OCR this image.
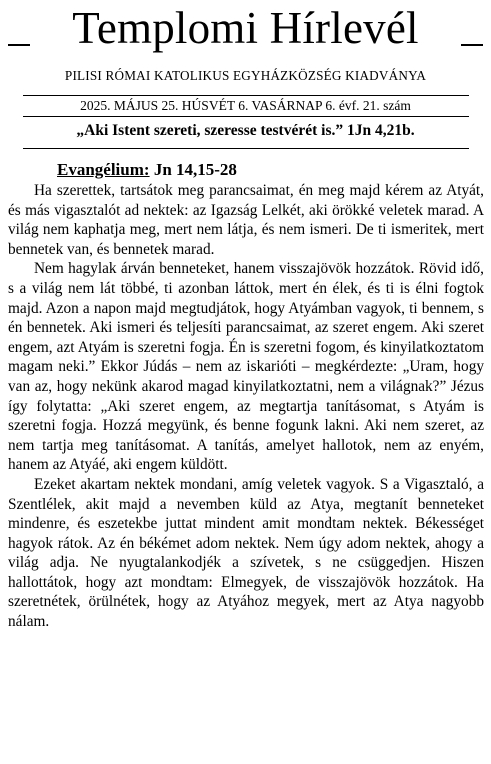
Templomi Hírlevél
PILISI RÓMAI KATOLIKUS EGYHÁZKÖZSÉG KIADVÁNYA

2025. MÁJUS 25. HÚSVÉT 6. VASÁRNAP 6. évf. 21. szám
„Aki Istent szereti, szeresse testvérét is.” 1Jn 4,21b.
Evangélium: Jn 14,15-28

Ha szerettek, tartsátok meg parancsaimat, én meg majd kérem az Atyát, és más vigasztalót ad nektek: az Igazság Lelkét, aki örökké veletek marad. A világ nem kaphatja meg, mert nem látja, és nem ismeri. De ti ismeritek, mert bennetek van, és bennetek marad.

Nem hagylak árván benneteket, hanem visszajövök hozzátok. Rövid idő, s a világ nem lát többé, ti azonban láttok, mert én élek, és ti is élni fogtok majd. Azon a napon majd megtudjátok, hogy Atyámban vagyok, ti bennem, s én bennetek. Aki ismeri és teljesíti parancsaimat, az szeret engem. Aki szeret engem, azt Atyám is szeretni fogja. Én is szeretni fogom, és kinyilatkoztatom magam neki.” Ekkor Júdás – nem az iskarióti – megkérdezte: „Uram, hogy van az, hogy nekünk akarod magad kinyilatkoztatni, nem a világnak?” Jézus így folytatta: „Aki szeret engem, az megtartja tanításomat, s Atyám is szeretni fogja. Hozzá megyünk, és benne fogunk lakni. Aki nem szeret, az nem tartja meg tanításomat. A tanítás, amelyet hallotok, nem az enyém, hanem az Atyáé, aki engem küldött.

Ezeket akartam nektek mondani, amíg veletek vagyok. S a Vigasztaló, a Szentlélek, akit majd a nevemben küld az Atya, megtanít benneteket mindenre, és eszetekbe juttat mindent amit mondtam nektek. Békességet hagyok rátok. Az én békémet adom nektek. Nem úgy adom nektek, ahogy a világ adja. Ne nyugtalankodjék a szívetek, s ne csüggedjen. Hiszen hallottátok, hogy azt mondtam: Elmegyek, de visszajövök hozzátok. Ha szeretnétek, örülnétek, hogy az Atyához megyek, mert az Atya nagyobb nálam.
